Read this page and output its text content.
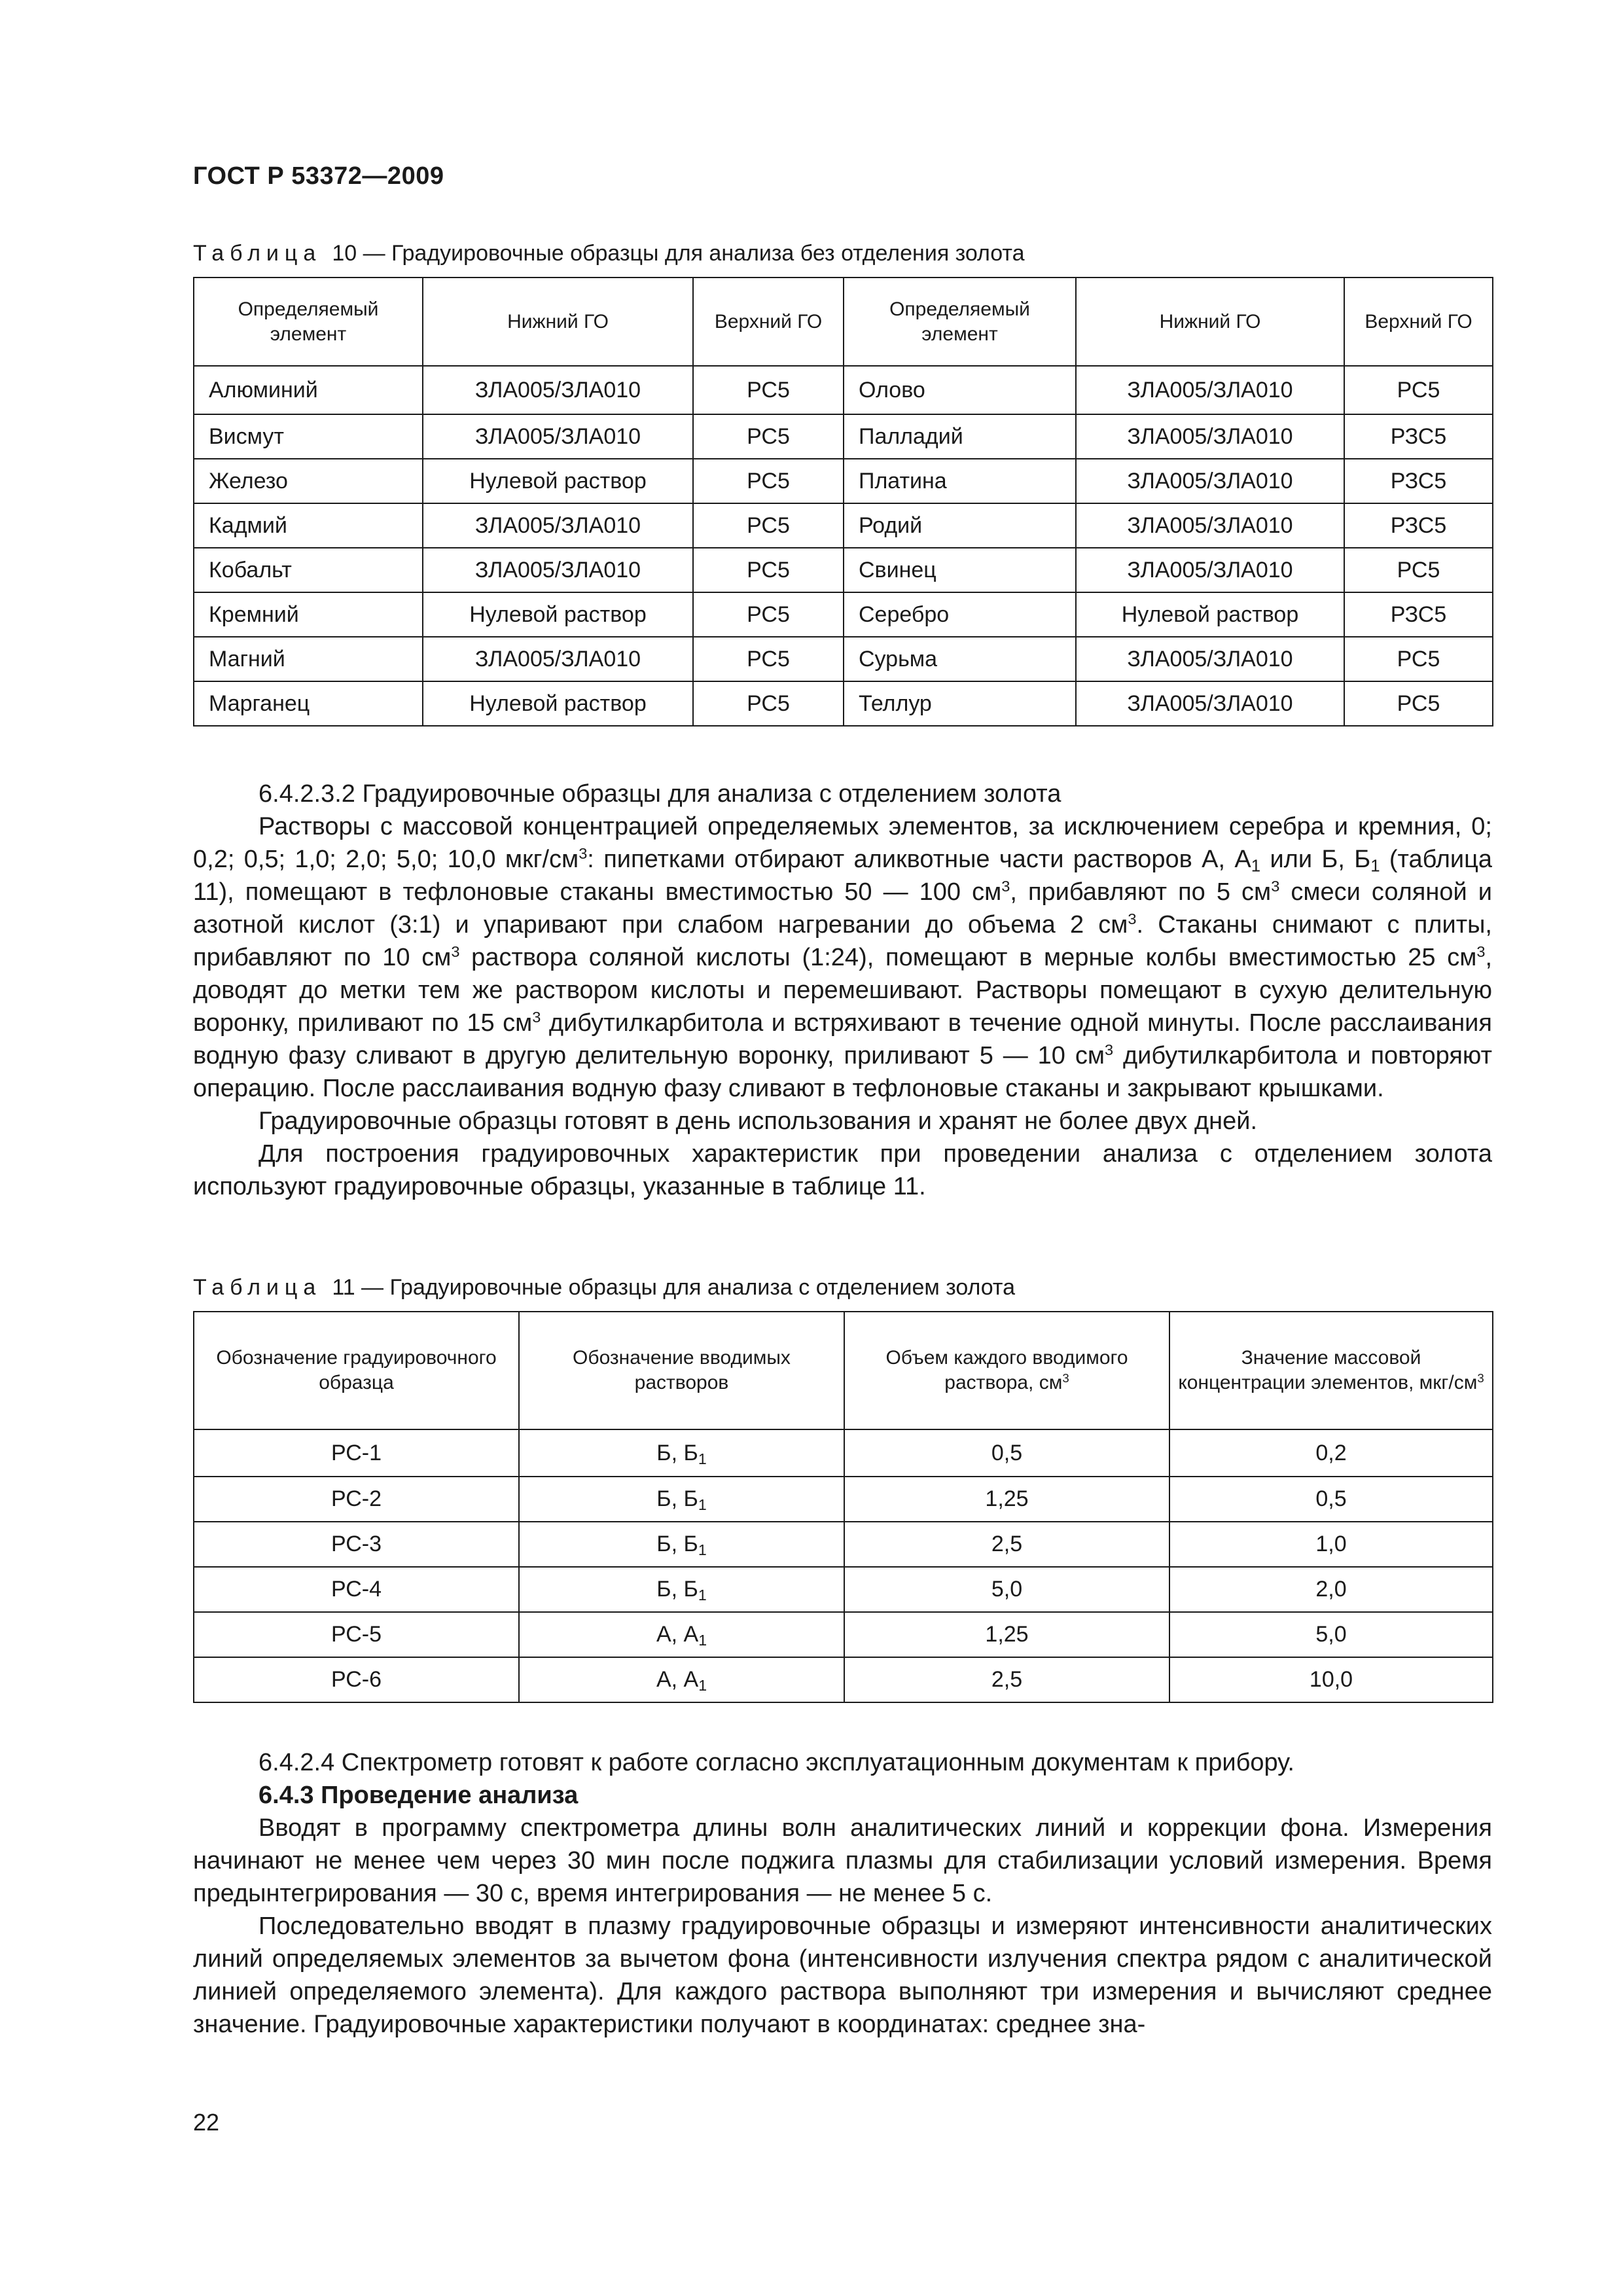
ГОСТ Р 53372—2009
Таблица 10 — Градуировочные образцы для анализа без отделения золота
Определяемый элемент	Нижний ГО	Верхний ГО	Определяемый элемент	Нижний ГО	Верхний ГО
Алюминий	ЗЛА005/ЗЛА010	РС5	Олово	ЗЛА005/ЗЛА010	РС5
Висмут	ЗЛА005/ЗЛА010	РС5	Палладий	ЗЛА005/ЗЛА010	РЗС5
Железо	Нулевой раствор	РС5	Платина	ЗЛА005/ЗЛА010	РЗС5
Кадмий	ЗЛА005/ЗЛА010	РС5	Родий	ЗЛА005/ЗЛА010	РЗС5
Кобальт	ЗЛА005/ЗЛА010	РС5	Свинец	ЗЛА005/ЗЛА010	РС5
Кремний	Нулевой раствор	РС5	Серебро	Нулевой раствор	РЗС5
Магний	ЗЛА005/ЗЛА010	РС5	Сурьма	ЗЛА005/ЗЛА010	РС5
Марганец	Нулевой раствор	РС5	Теллур	ЗЛА005/ЗЛА010	РС5

6.4.2.3.2 Градуировочные образцы для анализа с отделением золота

Растворы с массовой концентрацией определяемых элементов, за исключением серебра и кремния, 0; 0,2; 0,5; 1,0; 2,0; 5,0; 10,0 мкг/$см^3$: пипетками отбирают аликвотные части растворов А, $А_1$ или Б, $Б_1$ (таблица 11), помещают в тефлоновые стаканы вместимостью 50 — 100 $см^3$, прибавляют по 5 $см^3$ смеси соляной и азотной кислот (3:1) и упаривают при слабом нагревании до объема 2 $см^3$. Стаканы снимают с плиты, прибавляют по 10 $см^3$ раствора соляной кислоты (1:24), помещают в мерные колбы вместимостью 25 $см^3$, доводят до метки тем же раствором кислоты и перемешивают. Растворы помещают в сухую делительную воронку, приливают по 15 $см^3$ дибутилкарбитола и встряхивают в течение одной минуты. После расслаивания водную фазу сливают в другую делительную воронку, приливают 5 — 10 $см^3$ дибутилкарбитола и повторяют операцию. После расслаивания водную фазу сливают в тефлоновые стаканы и закрывают крышками.

Градуировочные образцы готовят в день использования и хранят не более двух дней.

Для построения градуировочных характеристик при проведении анализа с отделением золота используют градуировочные образцы, указанные в таблице 11.

Таблица 11 — Градуировочные образцы для анализа с отделением золота
Обозначение градуировочного образца	Обозначение вводимых растворов	Объем каждого вводимого раствора, $см^3$	Значение массовой концентрации элементов, мкг/$см^3$
РС-1	Б, $Б_1$	0,5	0,2
РС-2	Б, $Б_1$	1,25	0,5
РС-3	Б, $Б_1$	2,5	1,0
РС-4	Б, $Б_1$	5,0	2,0
РС-5	А, $А_1$	1,25	5,0
РС-6	А, $А_1$	2,5	10,0

6.4.2.4 Спектрометр готовят к работе согласно эксплуатационным документам к прибору.

6.4.3 Проведение анализа

Вводят в программу спектрометра длины волн аналитических линий и коррекции фона. Измерения начинают не менее чем через 30 мин после поджига плазмы для стабилизации условий измерения. Время предынтегрирования — 30 с, время интегрирования — не менее 5 с.

Последовательно вводят в плазму градуировочные образцы и измеряют интенсивности аналитических линий определяемых элементов за вычетом фона (интенсивности излучения спектра рядом с аналитической линией определяемого элемента). Для каждого раствора выполняют три измерения и вычисляют среднее значение. Градуировочные характеристики получают в координатах: среднее зна-

22
